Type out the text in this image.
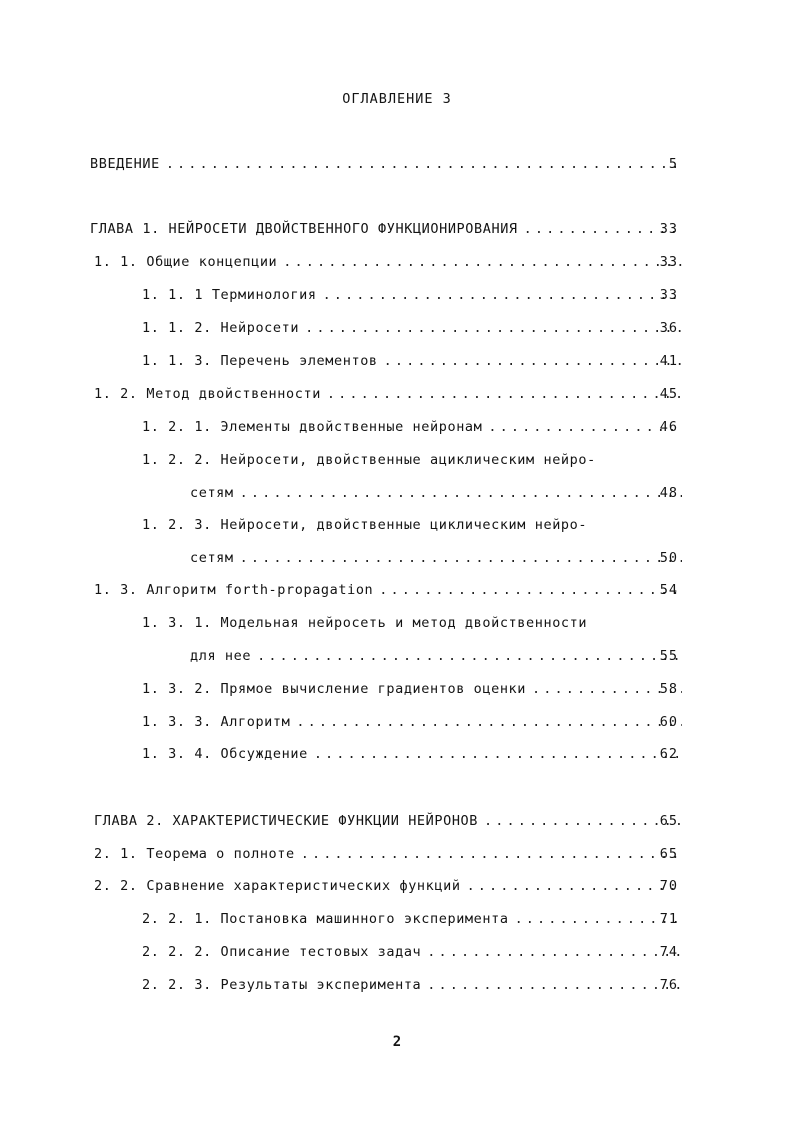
ОГЛАВЛЕНИЕ 3
ВВЕДЕНИЕ .....	5
ГЛАВА 1. НЕЙРОСЕТИ ДВОЙСТВЕННОГО ФУНКЦИОНИРОВАНИЯ .....	33
1. 1. Общие концепции .....	33
1. 1. 1 Терминология .....	33
1. 1. 2. Нейросети .....	36
1. 1. 3. Перечень элементов .....	41
1. 2. Метод двойственности .....	45
1. 2. 1. Элементы двойственные нейронам .....	46
1. 2. 2. Нейросети, двойственные ациклическим нейро-
сетям .....	48
1. 2. 3. Нейросети, двойственные циклическим нейро-
сетям .....	50
1. 3. Алгоритм forth-propagation .....	54
1. 3. 1. Модельная нейросеть и метод двойственности
для нее .....	55
1. 3. 2. Прямое вычисление градиентов оценки .....	58
1. 3. 3. Алгоритм .....	60
1. 3. 4. Обсуждение .....	62
ГЛАВА 2. ХАРАКТЕРИСТИЧЕСКИЕ ФУНКЦИИ НЕЙРОНОВ .....	65
2. 1. Теорема о полноте .....	65
2. 2. Сравнение характеристических функций .....	70
2. 2. 1. Постановка машинного эксперимента .....	71
2. 2. 2. Описание тестовых задач .....	74
2. 2. 3. Результаты эксперимента .....	76
2
